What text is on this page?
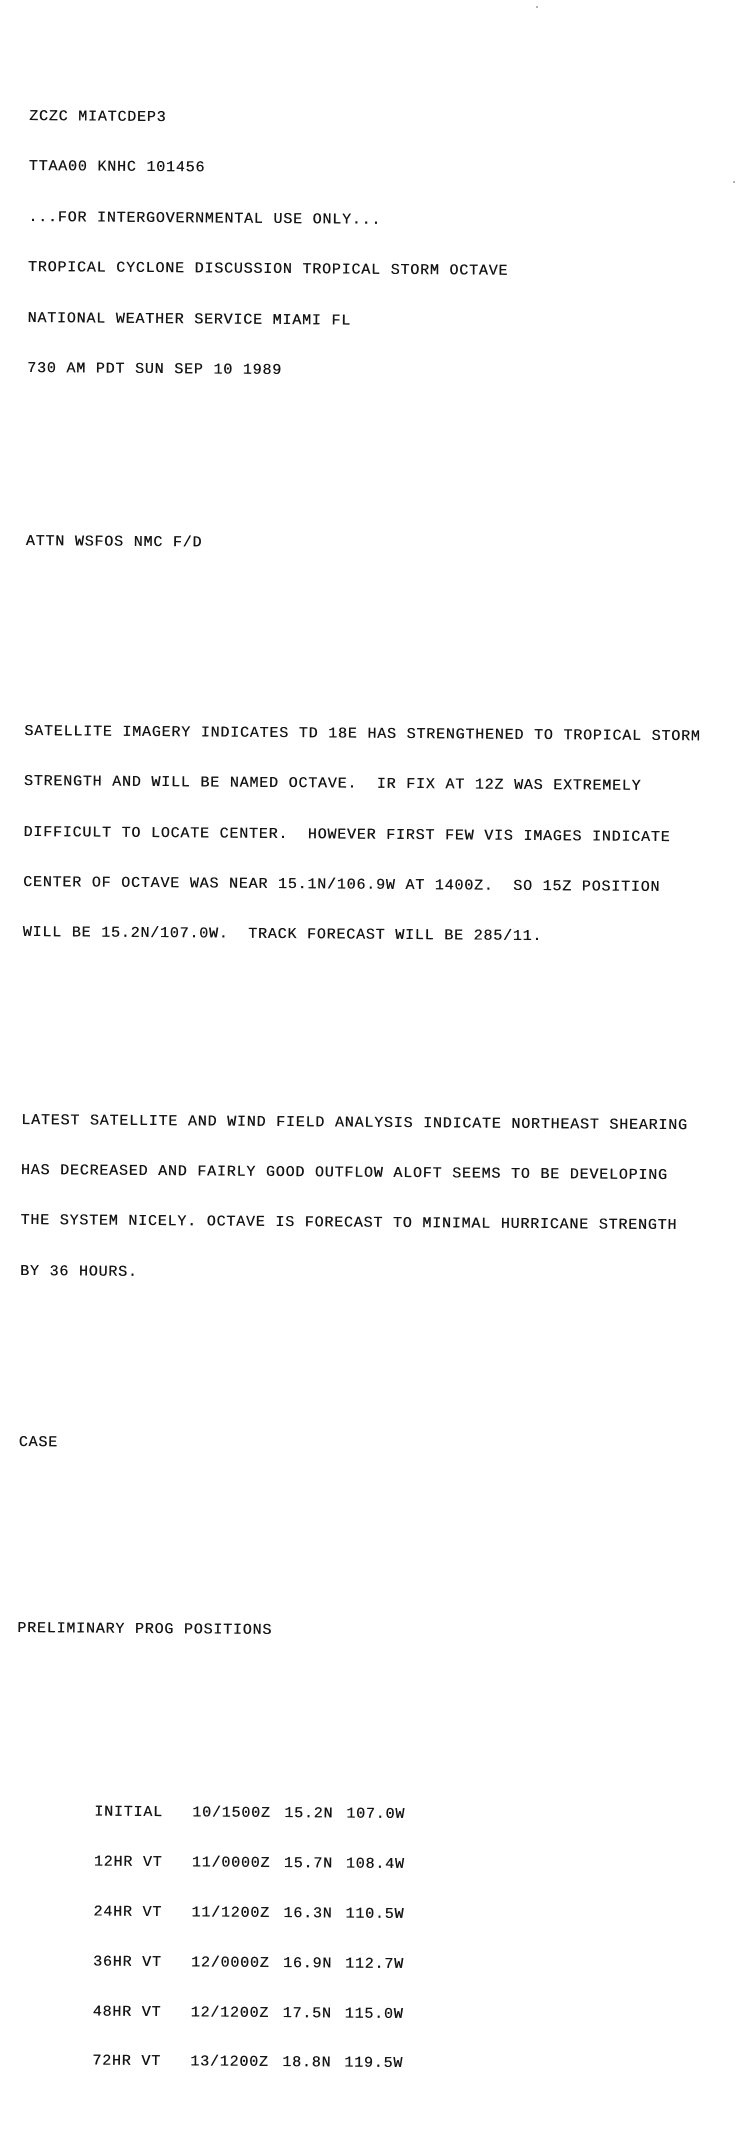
ZCZC MIATCDEP3

TTAA00 KNHC 101456

...FOR INTERGOVERNMENTAL USE ONLY...

TROPICAL CYCLONE DISCUSSION TROPICAL STORM OCTAVE

NATIONAL WEATHER SERVICE MIAMI FL

730 AM PDT SUN SEP 10 1989

ATTN WSFOS NMC F/D

SATELLITE IMAGERY INDICATES TD 18E HAS STRENGTHENED TO TROPICAL STORM

STRENGTH AND WILL BE NAMED OCTAVE.  IR FIX AT 12Z WAS EXTREMELY

DIFFICULT TO LOCATE CENTER.  HOWEVER FIRST FEW VIS IMAGES INDICATE

CENTER OF OCTAVE WAS NEAR 15.1N/106.9W AT 1400Z.  SO 15Z POSITION

WILL BE 15.2N/107.0W.  TRACK FORECAST WILL BE 285/11.

LATEST SATELLITE AND WIND FIELD ANALYSIS INDICATE NORTHEAST SHEARING

HAS DECREASED AND FAIRLY GOOD OUTFLOW ALOFT SEEMS TO BE DEVELOPING

THE SYSTEM NICELY. OCTAVE IS FORECAST TO MINIMAL HURRICANE STRENGTH

BY 36 HOURS.

CASE

PRELIMINARY PROG POSITIONS

INITIAL 10/1500Z 15.2N 107.0W

12HR VT 11/0000Z 15.7N 108.4W

24HR VT 11/1200Z 16.3N 110.5W

36HR VT 12/0000Z 16.9N 112.7W

48HR VT 12/1200Z 17.5N 115.0W

72HR VT 13/1200Z 18.8N 119.5W
